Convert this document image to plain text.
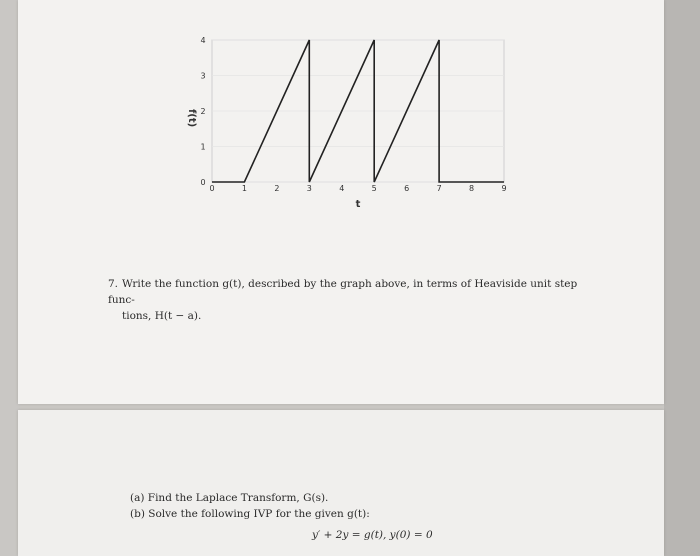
0
1
2
3
4
0	1	2	3	4	5	6	7	8	9
t
f(t)
7. Write the function g(t), described by the graph above, in terms of Heaviside unit step func-
tions, H(t − a).
(a) Find the Laplace Transform, G(s).
(b) Solve the following IVP for the given g(t):
y′ + 2y = g(t), y(0) = 0
